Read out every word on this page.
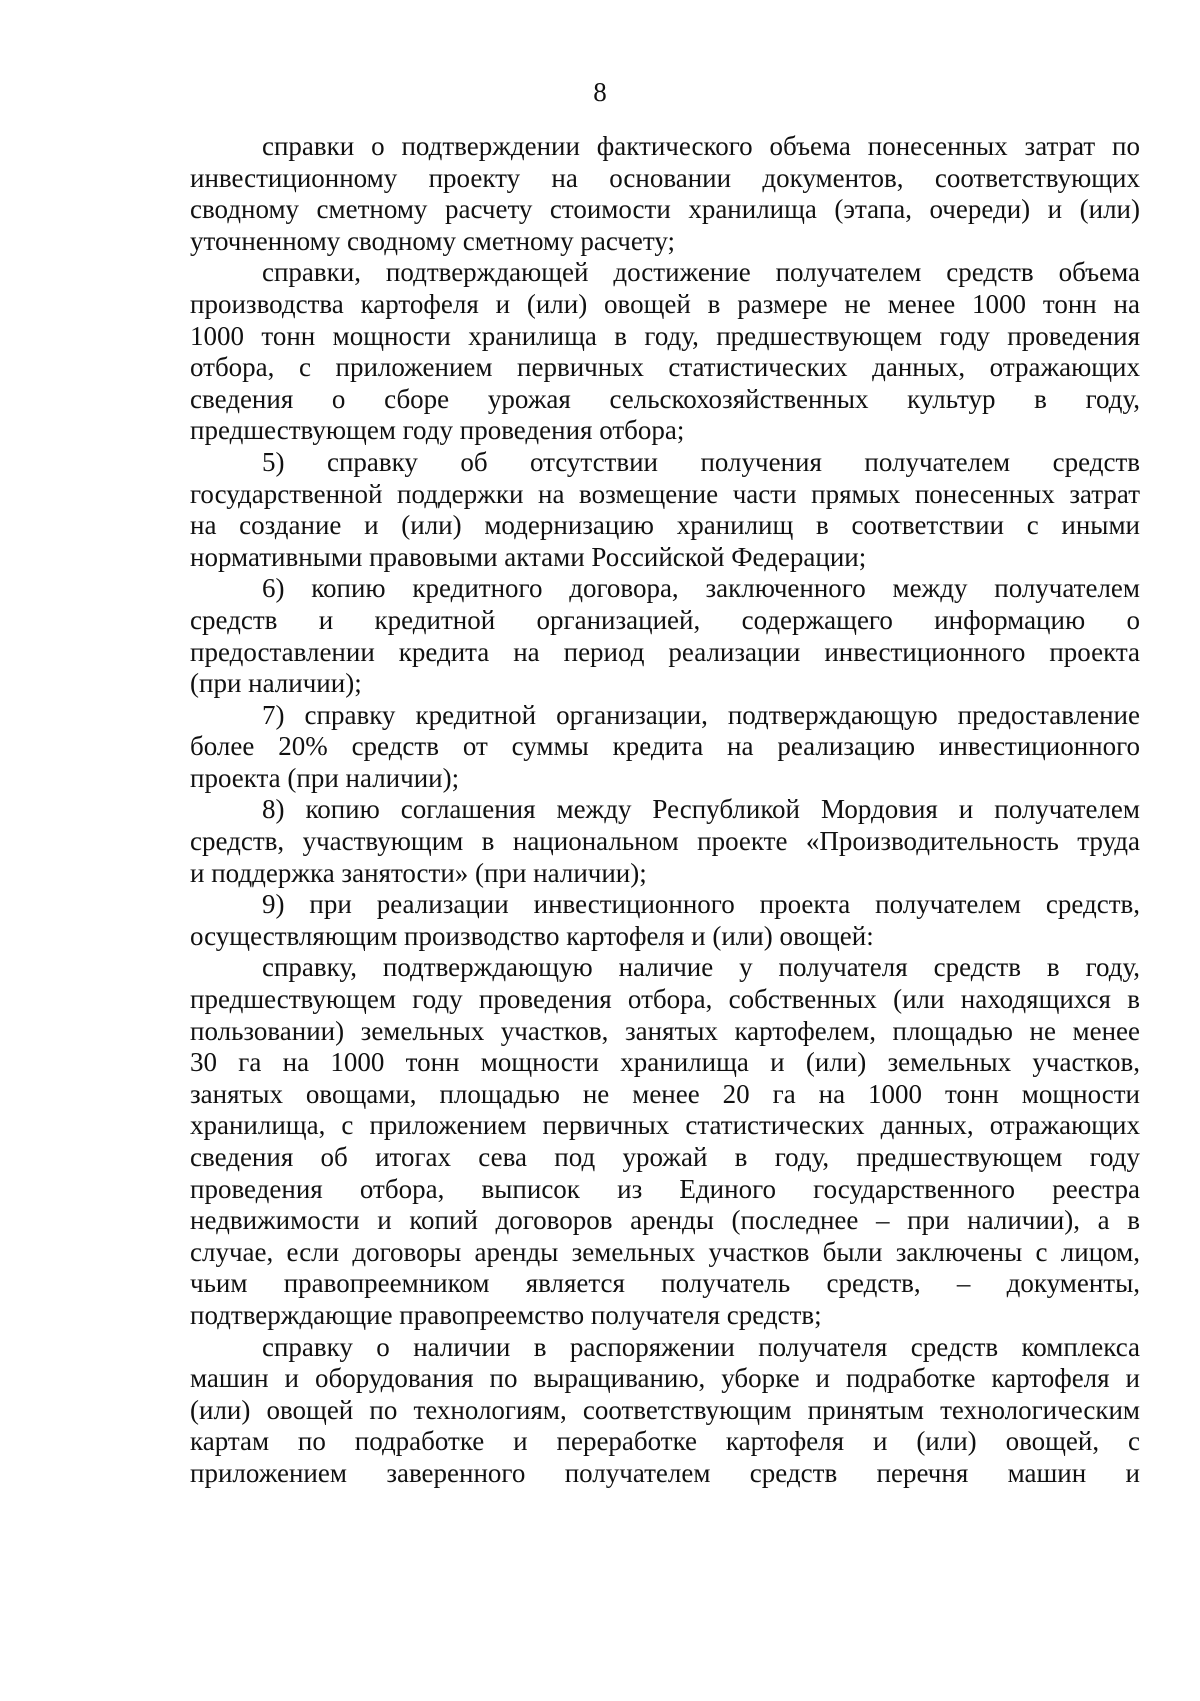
8
справки о подтверждении фактического объема понесенных затрат по
инвестиционному проекту на основании документов, соответствующих
сводному сметному расчету стоимости хранилища (этапа, очереди) и (или)
уточненному сводному сметному расчету;
справки, подтверждающей достижение получателем средств объема
производства картофеля и (или) овощей в размере не менее 1000 тонн на
1000 тонн мощности хранилища в году, предшествующем году проведения
отбора, с приложением первичных статистических данных, отражающих
сведения о сборе урожая сельскохозяйственных культур в году,
предшествующем году проведения отбора;
5) справку об отсутствии получения получателем средств
государственной поддержки на возмещение части прямых понесенных затрат
на создание и (или) модернизацию хранилищ в соответствии с иными
нормативными правовыми актами Российской Федерации;
6) копию кредитного договора, заключенного между получателем
средств и кредитной организацией, содержащего информацию о
предоставлении кредита на период реализации инвестиционного проекта
(при наличии);
7) справку кредитной организации, подтверждающую предоставление
более 20% средств от суммы кредита на реализацию инвестиционного
проекта (при наличии);
8) копию соглашения между Республикой Мордовия и получателем
средств, участвующим в национальном проекте «Производительность труда
и поддержка занятости» (при наличии);
9) при реализации инвестиционного проекта получателем средств,
осуществляющим производство картофеля и (или) овощей:
справку, подтверждающую наличие у получателя средств в году,
предшествующем году проведения отбора, собственных (или находящихся в
пользовании) земельных участков, занятых картофелем, площадью не менее
30 га на 1000 тонн мощности хранилища и (или) земельных участков,
занятых овощами, площадью не менее 20 га на 1000 тонн мощности
хранилища, с приложением первичных статистических данных, отражающих
сведения об итогах сева под урожай в году, предшествующем году
проведения отбора, выписок из Единого государственного реестра
недвижимости и копий договоров аренды (последнее – при наличии), а в
случае, если договоры аренды земельных участков были заключены с лицом,
чьим правопреемником является получатель средств, – документы,
подтверждающие правопреемство получателя средств;
справку о наличии в распоряжении получателя средств комплекса
машин и оборудования по выращиванию, уборке и подработке картофеля и
(или) овощей по технологиям, соответствующим принятым технологическим
картам по подработке и переработке картофеля и (или) овощей, с
приложением заверенного получателем средств перечня машин и
